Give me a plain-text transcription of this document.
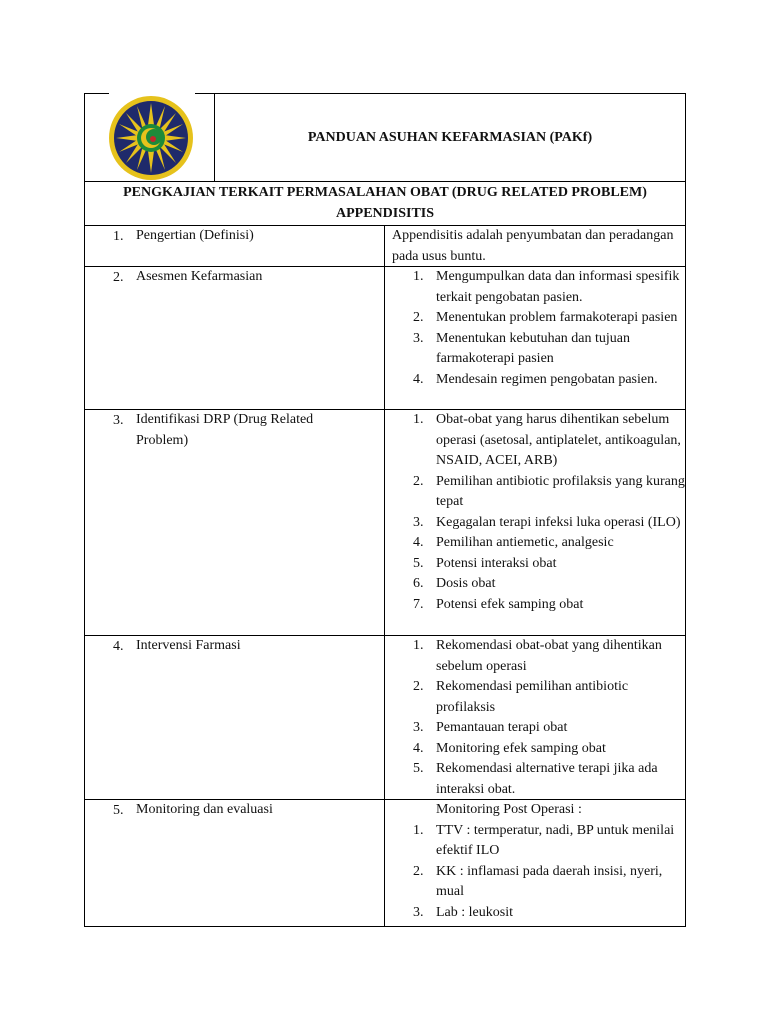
PANDUAN ASUHAN KEFARMASIAN (PAKf)
PENGKAJIAN TERKAIT PERMASALAHAN OBAT (DRUG RELATED PROBLEM)
APPENDISITIS
1. Pengertian (Definisi)	Appendisitis adalah penyumbatan dan peradangan pada usus buntu.
2. Asesmen Kefarmasian	1. Mengumpulkan data dan informasi spesifik terkait pengobatan pasien.
2. Menentukan problem farmakoterapi pasien
3. Menentukan kebutuhan dan tujuan farmakoterapi pasien
4. Mendesain regimen pengobatan pasien.
3. Identifikasi DRP (Drug Related Problem)
1. Obat-obat yang harus dihentikan sebelum operasi (asetosal, antiplatelet, antikoagulan, NSAID, ACEI, ARB)
2. Pemilihan antibiotic profilaksis yang kurang tepat
3. Kegagalan terapi infeksi luka operasi (ILO)
4. Pemilihan antiemetic, analgesic
5. Potensi interaksi obat
6. Dosis obat
7. Potensi efek samping obat
4. Intervensi Farmasi	1. Rekomendasi obat-obat yang dihentikan sebelum operasi
2. Rekomendasi pemilihan antibiotic profilaksis
3. Pemantauan terapi obat
4. Monitoring efek samping obat
5. Rekomendasi alternative terapi jika ada interaksi obat.
5. Monitoring dan evaluasi	Monitoring Post Operasi :
1. TTV : termperatur, nadi, BP untuk menilai efektif ILO
2. KK : inflamasi pada daerah insisi, nyeri, mual
3. Lab : leukosit
